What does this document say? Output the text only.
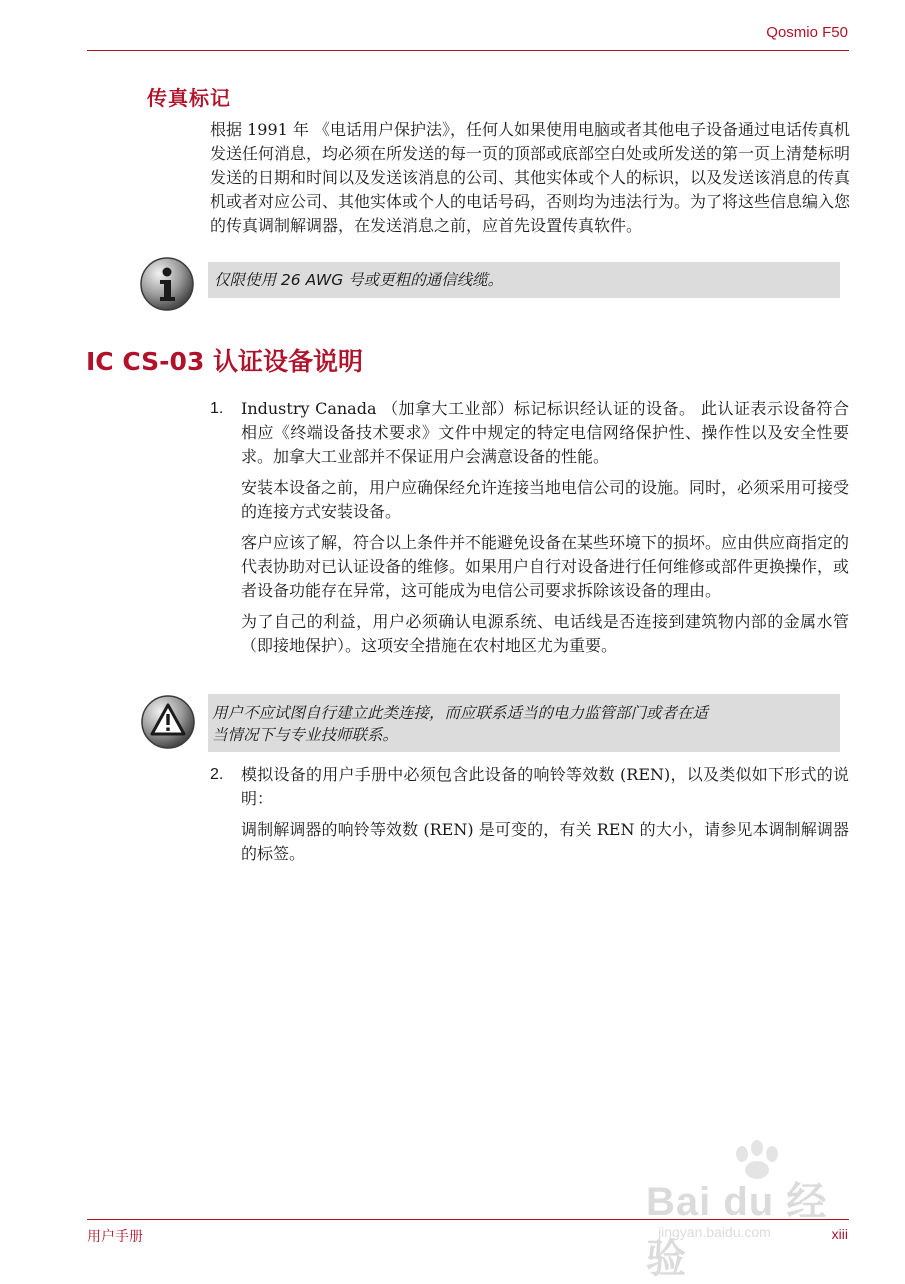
Qosmio F50
传真标记
根据 1991 年 《电话用户保护法》，任何人如果使用电脑或者其他电子设备通过电话传真机发送任何消息，均必须在所发送的每一页的顶部或底部空白处或所发送的第一页上清楚标明发送的日期和时间以及发送该消息的公司、其他实体或个人的标识，以及发送该消息的传真机或者对应公司、其他实体或个人的电话号码，否则均为违法行为。为了将这些信息编入您的传真调制解调器，在发送消息之前，应首先设置传真软件。
仅限使用 26 AWG 号或更粗的通信线缆。
IC CS-03 认证设备说明
1. Industry Canada （加拿大工业部）标记标识经认证的设备。 此认证表示设备符合相应《终端设备技术要求》文件中规定的特定电信网络保护性、操作性以及安全性要求。加拿大工业部并不保证用户会满意设备的性能。

安装本设备之前，用户应确保经允许连接当地电信公司的设施。同时，必须采用可接受的连接方式安装设备。

客户应该了解，符合以上条件并不能避免设备在某些环境下的损坏。应由供应商指定的代表协助对已认证设备的维修。如果用户自行对设备进行任何维修或部件更换操作，或者设备功能存在异常，这可能成为电信公司要求拆除该设备的理由。

为了自己的利益，用户必须确认电源系统、电话线是否连接到建筑物内部的金属水管 （即接地保护）。这项安全措施在农村地区尤为重要。

用户不应试图自行建立此类连接，而应联系适当的电力监管部门或者在适
当情况下与专业技师联系。
2. 模拟设备的用户手册中必须包含此设备的响铃等效数 (REN)，以及类似如下形式的说明：

调制解调器的响铃等效数 (REN) 是可变的，有关 REN 的大小，请参见本调制解调器的标签。

Bai du 经验
jingyan.baidu.com
用户手册	xiii
